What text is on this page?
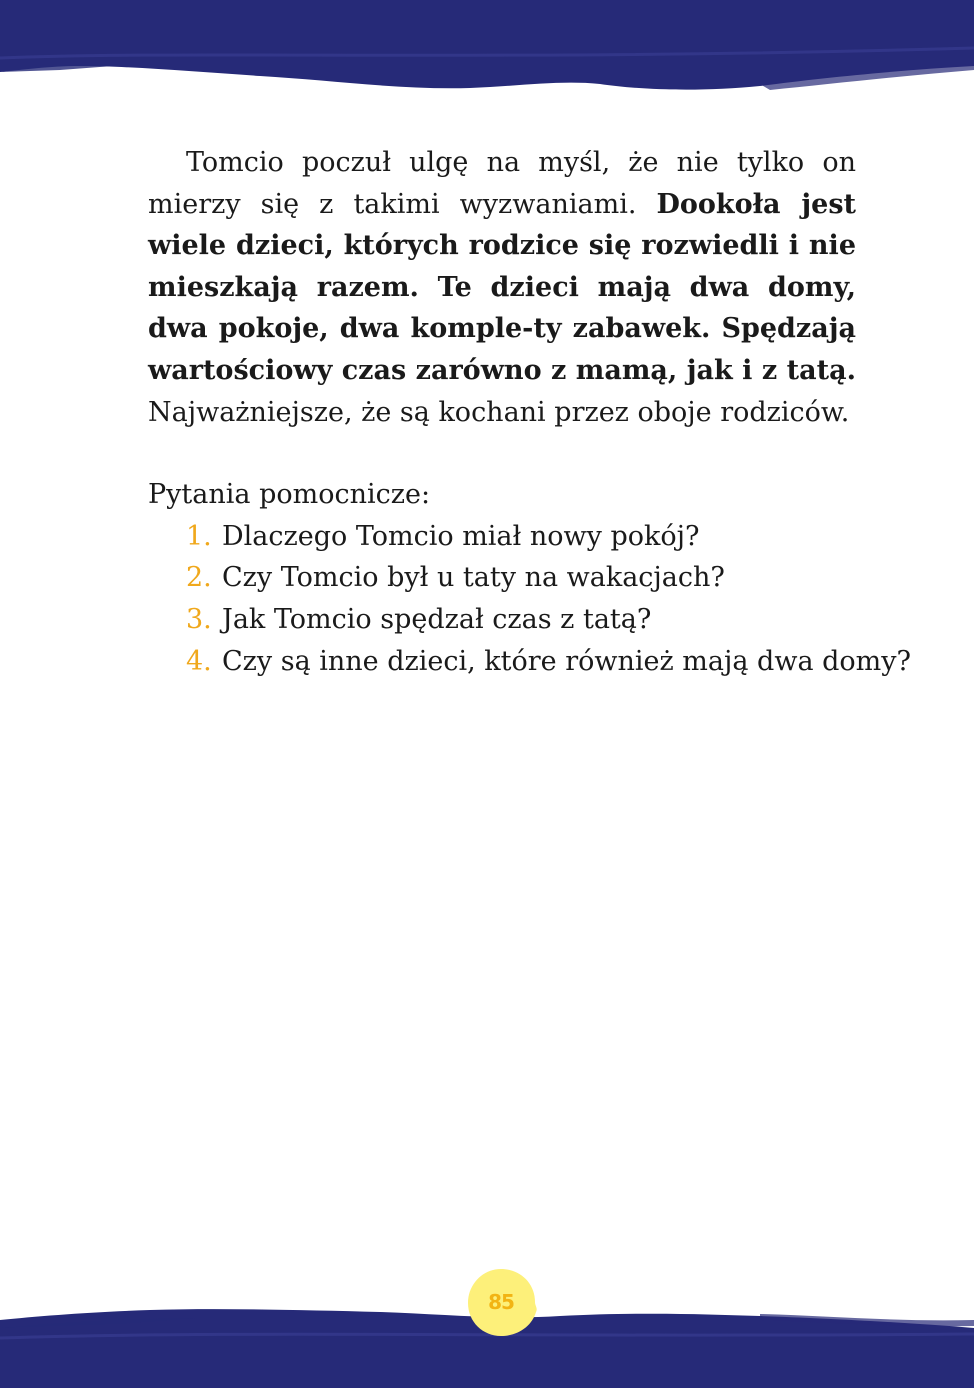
Tomcio poczuł ulgę na myśl, że nie tylko on mierzy się z takimi wyzwaniami. Dookoła jest wiele dzieci, których rodzice się rozwiedli i nie mieszkają razem. Te dzieci mają dwa domy, dwa pokoje, dwa komple-ty zabawek. Spędzają wartościowy czas zarówno z mamą, jak i z tatą. Najważniejsze, że są kochani przez oboje rodziców.

Pytania pomocnicze:
1. Dlaczego Tomcio miał nowy pokój?
2. Czy Tomcio był u taty na wakacjach?
3. Jak Tomcio spędzał czas z tatą?
4. Czy są inne dzieci, które również mają dwa domy?
85
